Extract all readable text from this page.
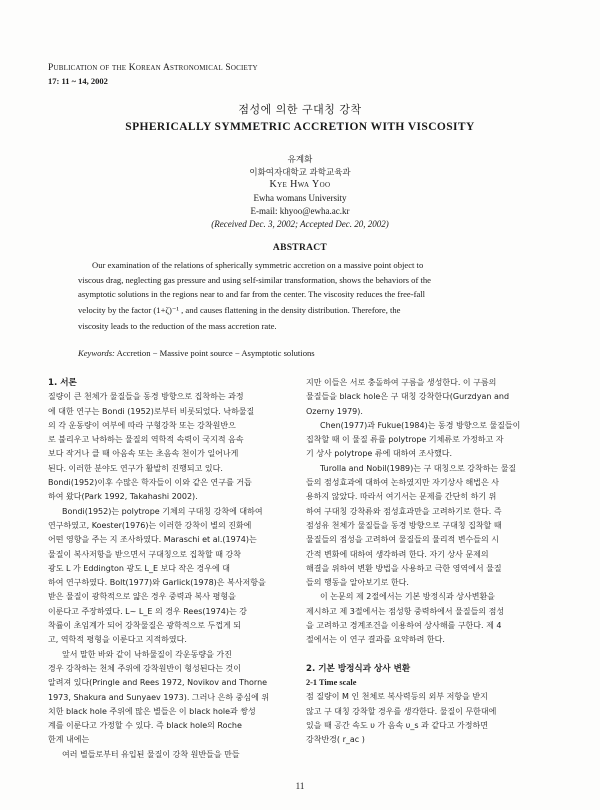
Publication of the Korean Astronomical Society
17: 11 ~ 14, 2002
점성에 의한 구대칭 강착
SPHERICALLY SYMMETRIC ACCRETION WITH VISCOSITY
유계화
이화여자대학교 과학교육과
Kye Hwa Yoo
Ewha womans University
E-mail: khyoo@ewha.ac.kr
(Received Dec. 3, 2002; Accepted Dec. 20, 2002)
ABSTRACT
Our examination of the relations of spherically symmetric accretion on a massive point object to
viscous drag, neglecting gas pressure and using self-similar transformation, shows the behaviors of the
asymptotic solutions in the regions near to and far from the center. The viscosity reduces the free-fall
velocity by the factor (1+ζ)⁻¹ , and causes flattening in the density distribution. Therefore, the
viscosity leads to the reduction of the mass accretion rate.
Keywords: Accretion − Massive point source − Asymptotic solutions
1. 서론

질량이 큰 천체가 물질들을 동경 방향으로 집착하는 과정

에 대한 연구는 Bondi (1952)로부터 비롯되었다. 낙하물질

의 각 운동량이 여부에 따라 구형강착 또는 강착원반으

로 불리우고 낙하하는 물질의 역학적 속력이 국지적 음속

보다 작거나 클 때 아음속 또는 초음속 천이가 일어나게

된다. 이러한 분야도 연구가 활발히 진행되고 있다.

Bondi(1952)이후 수많은 학자들이 이와 같은 연구를 거듭

하여 왔다(Park 1992, Takahashi 2002).

Bondi(1952)는 polytrope 기체의 구대칭 강착에 대하여

연구하였고, Koester(1976)는 이러한 강착이 별의 진화에

어떤 영향을 주는 지 조사하였다. Maraschi et al.(1974)는

물질이 복사저항을 받으면서 구대칭으로 집착할 때 강착

광도 L 가 Eddington 광도 L_E 보다 작은 경우에 대

하여 연구하였다. Bolt(1977)와 Garlick(1978)은 복사저항을

받은 물질이 광학적으로 얇은 경우 중력과 복사 평형을

이룬다고 주장하였다. L~ L_E 의 경우 Rees(1974)는 강

착률이 초임계가 되어 강착물질은 광학적으로 두껍게 되

고, 역학적 평형을 이룬다고 지적하였다.

앞서 말한 바와 같이 낙하물질이 각운동량을 가진

경우 강착하는 천체 주위에 강착원반이 형성된다는 것이

알려져 있다(Pringle and Rees 1972, Novikov and Thorne

1973, Shakura and Sunyaev 1973). 그러나 은하 중심에 위

치한 black hole 주위에 많은 별들은 이 black hole과 쌍성

계를 이룬다고 가정할 수 있다. 즉 black hole의 Roche

한계 내에는

여러 별들로부터 유입된 물질이 강착 원반들을 만들

지만 이들은 서로 충돌하여 구름을 생성한다. 이 구름의

물질들을 black hole은 구 대칭 강착한다(Gurzdyan and

Ozerny 1979).

Chen(1977)과 Fukue(1984)는 동경 방향으로 물질들이

집착할 때 이 물질 류를 polytrope 기체류로 가정하고 자

기 상사 polytrope 류에 대하여 조사했다.

Turolla and Nobil(1989)는 구 대칭으로 강착하는 물질

들의 점성효과에 대하여 논하였지만 자기상사 해법은 사

용하지 않았다. 따라서 여기서는 문제를 간단히 하기 위

하여 구대칭 강착류와 점성효과만을 고려하기로 한다. 즉

점성유 천체가 물질들을 동경 방향으로 구대칭 집착할 때

물질들의 점성을 고려하여 물질들의 물리적 변수들의 시

간적 변화에 대하여 생각하려 한다. 자기 상사 문제의

해결을 위하여 변환 방법을 사용하고 극한 영역에서 물질

들의 행동을 알아보기로 한다.

이 논문의 제 2절에서는 기본 방정식과 상사변환을

제시하고 제 3절에서는 점성항 중력하에서 물질들의 점성

을 고려하고 경계조건을 이용하여 상사해를 구한다. 제 4

절에서는 이 연구 결과를 요약하려 한다.

2. 기본 방정식과 상사 변환
2-1 Time scale

점 질량이 M 인 천체로 복사력등의 외부 저항을 받지

않고 구 대칭 강착할 경우를 생각한다. 물질이 무한대에

있을 때 공간 속도 υ 가 음속 υ_s 과 같다고 가정하면

강착반경( r_ac )

11
